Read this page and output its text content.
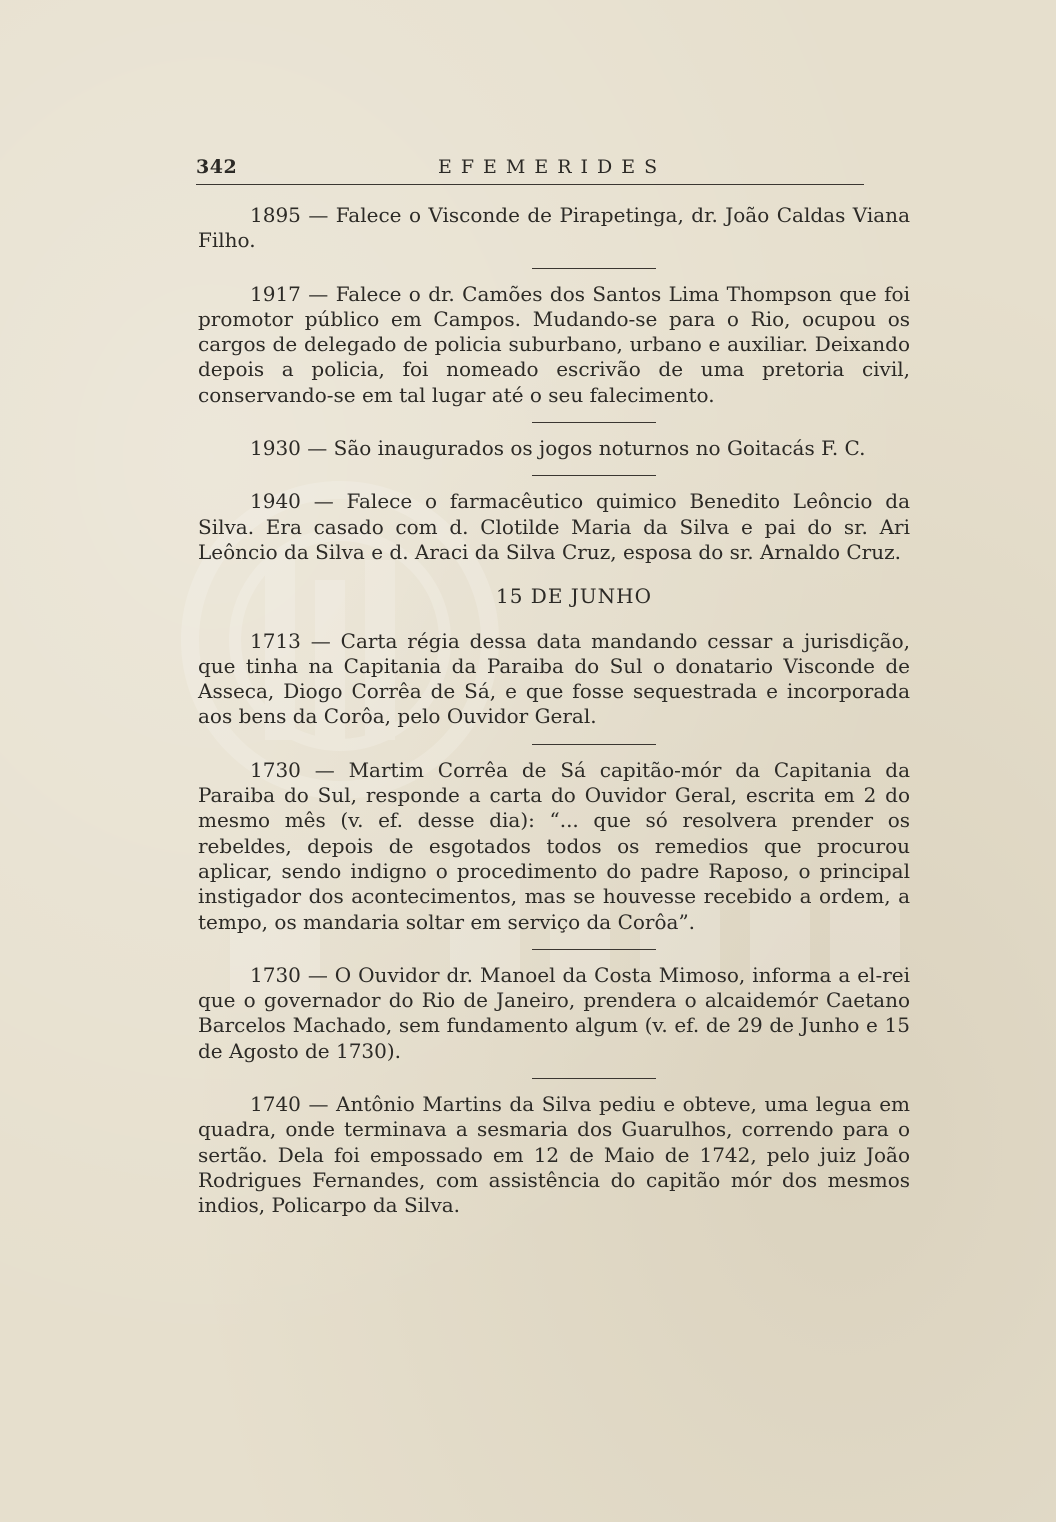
342	EFEMERIDES

1895 — Falece o Visconde de Pirapetinga, dr. João Caldas Viana Filho.

1917 — Falece o dr. Camões dos Santos Lima Thompson que foi promotor público em Campos. Mudando-se para o Rio, ocupou os cargos de delegado de policia suburbano, urbano e auxiliar. Deixando depois a policia, foi nomeado escrivão de uma pretoria civil, conservando-se em tal lugar até o seu falecimento.

1930 — São inaugurados os jogos noturnos no Goitacás F. C.

1940 — Falece o farmacêutico quimico Benedito Leôncio da Silva. Era casado com d. Clotilde Maria da Silva e pai do sr. Ari Leôncio da Silva e d. Araci da Silva Cruz, esposa do sr. Arnaldo Cruz.

15 DE JUNHO

1713 — Carta régia dessa data mandando cessar a jurisdição, que tinha na Capitania da Paraiba do Sul o donatario Visconde de Asseca, Diogo Corrêa de Sá, e que fosse sequestrada e incorporada aos bens da Corôa, pelo Ouvidor Geral.

1730 — Martim Corrêa de Sá capitão-mór da Capitania da Paraiba do Sul, responde a carta do Ouvidor Geral, escrita em 2 do mesmo mês (v. ef. desse dia): “... que só resolvera prender os rebeldes, depois de esgotados todos os remedios que procurou aplicar, sendo indigno o procedimento do padre Raposo, o principal instigador dos acontecimentos, mas se houvesse recebido a ordem, a tempo, os mandaria soltar em serviço da Corôa”.

1730 — O Ouvidor dr. Manoel da Costa Mimoso, informa a el-rei que o governador do Rio de Janeiro, prendera o alcaidemór Caetano Barcelos Machado, sem fundamento algum (v. ef. de 29 de Junho e 15 de Agosto de 1730).

1740 — Antônio Martins da Silva pediu e obteve, uma legua em quadra, onde terminava a sesmaria dos Guarulhos, correndo para o sertão. Dela foi empossado em 12 de Maio de 1742, pelo juiz João Rodrigues Fernandes, com assistência do capitão mór dos mesmos indios, Policarpo da Silva.
